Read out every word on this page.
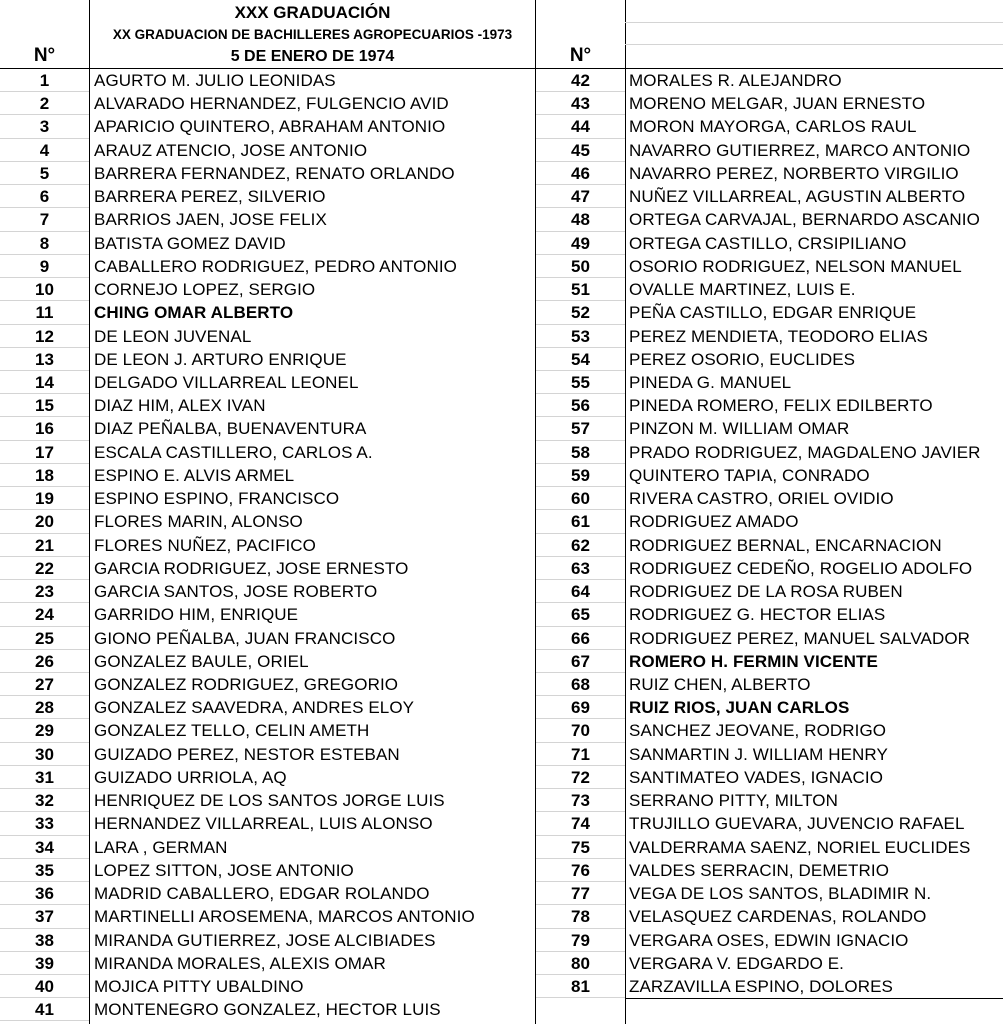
XXX GRADUACIÓN
XX GRADUACION DE BACHILLERES AGROPECUARIOS -1973
5 DE ENERO DE 1974
N°	N°
1	AGURTO M. JULIO LEONIDAS
2	ALVARADO HERNANDEZ, FULGENCIO AVID
3	APARICIO QUINTERO, ABRAHAM ANTONIO
4	ARAUZ ATENCIO, JOSE ANTONIO
5	BARRERA FERNANDEZ, RENATO ORLANDO
6	BARRERA PEREZ, SILVERIO
7	BARRIOS JAEN, JOSE FELIX
8	BATISTA GOMEZ DAVID
9	CABALLERO RODRIGUEZ, PEDRO ANTONIO
10	CORNEJO LOPEZ, SERGIO
11	CHING OMAR ALBERTO
12	DE LEON JUVENAL
13	DE LEON J. ARTURO ENRIQUE
14	DELGADO VILLARREAL LEONEL
15	DIAZ HIM, ALEX IVAN
16	DIAZ PEÑALBA, BUENAVENTURA
17	ESCALA CASTILLERO, CARLOS A.
18	ESPINO E. ALVIS ARMEL
19	ESPINO ESPINO, FRANCISCO
20	FLORES MARIN, ALONSO
21	FLORES NUÑEZ, PACIFICO
22	GARCIA RODRIGUEZ, JOSE ERNESTO
23	GARCIA SANTOS, JOSE ROBERTO
24	GARRIDO HIM, ENRIQUE
25	GIONO PEÑALBA, JUAN FRANCISCO
26	GONZALEZ BAULE, ORIEL
27	GONZALEZ RODRIGUEZ, GREGORIO
28	GONZALEZ SAAVEDRA, ANDRES ELOY
29	GONZALEZ TELLO, CELIN AMETH
30	GUIZADO PEREZ, NESTOR ESTEBAN
31	GUIZADO URRIOLA, AQ
32	HENRIQUEZ DE LOS SANTOS JORGE LUIS
33	HERNANDEZ VILLARREAL, LUIS ALONSO
34	LARA , GERMAN
35	LOPEZ SITTON, JOSE ANTONIO
36	MADRID CABALLERO, EDGAR ROLANDO
37	MARTINELLI AROSEMENA, MARCOS ANTONIO
38	MIRANDA GUTIERREZ, JOSE ALCIBIADES
39	MIRANDA MORALES, ALEXIS OMAR
40	MOJICA PITTY UBALDINO
41	MONTENEGRO GONZALEZ, HECTOR LUIS
42	MORALES R. ALEJANDRO
43	MORENO MELGAR, JUAN ERNESTO
44	MORON MAYORGA, CARLOS RAUL
45	NAVARRO GUTIERREZ, MARCO ANTONIO
46	NAVARRO PEREZ, NORBERTO VIRGILIO
47	NUÑEZ VILLARREAL, AGUSTIN ALBERTO
48	ORTEGA CARVAJAL, BERNARDO ASCANIO
49	ORTEGA CASTILLO, CRSIPILIANO
50	OSORIO RODRIGUEZ, NELSON MANUEL
51	OVALLE MARTINEZ, LUIS E.
52	PEÑA CASTILLO, EDGAR ENRIQUE
53	PEREZ MENDIETA, TEODORO ELIAS
54	PEREZ OSORIO, EUCLIDES
55	PINEDA G. MANUEL
56	PINEDA ROMERO, FELIX EDILBERTO
57	PINZON M. WILLIAM OMAR
58	PRADO RODRIGUEZ, MAGDALENO JAVIER
59	QUINTERO TAPIA, CONRADO
60	RIVERA CASTRO, ORIEL OVIDIO
61	RODRIGUEZ AMADO
62	RODRIGUEZ BERNAL, ENCARNACION
63	RODRIGUEZ CEDEÑO, ROGELIO ADOLFO
64	RODRIGUEZ DE LA ROSA RUBEN
65	RODRIGUEZ G. HECTOR ELIAS
66	RODRIGUEZ PEREZ, MANUEL SALVADOR
67	ROMERO H. FERMIN VICENTE
68	RUIZ CHEN, ALBERTO
69	RUIZ RIOS, JUAN CARLOS
70	SANCHEZ JEOVANE, RODRIGO
71	SANMARTIN J. WILLIAM HENRY
72	SANTIMATEO VADES, IGNACIO
73	SERRANO PITTY, MILTON
74	TRUJILLO GUEVARA, JUVENCIO RAFAEL
75	VALDERRAMA SAENZ, NORIEL EUCLIDES
76	VALDES SERRACIN, DEMETRIO
77	VEGA DE LOS SANTOS, BLADIMIR N.
78	VELASQUEZ CARDENAS, ROLANDO
79	VERGARA OSES, EDWIN IGNACIO
80	VERGARA V. EDGARDO E.
81	ZARZAVILLA ESPINO, DOLORES
